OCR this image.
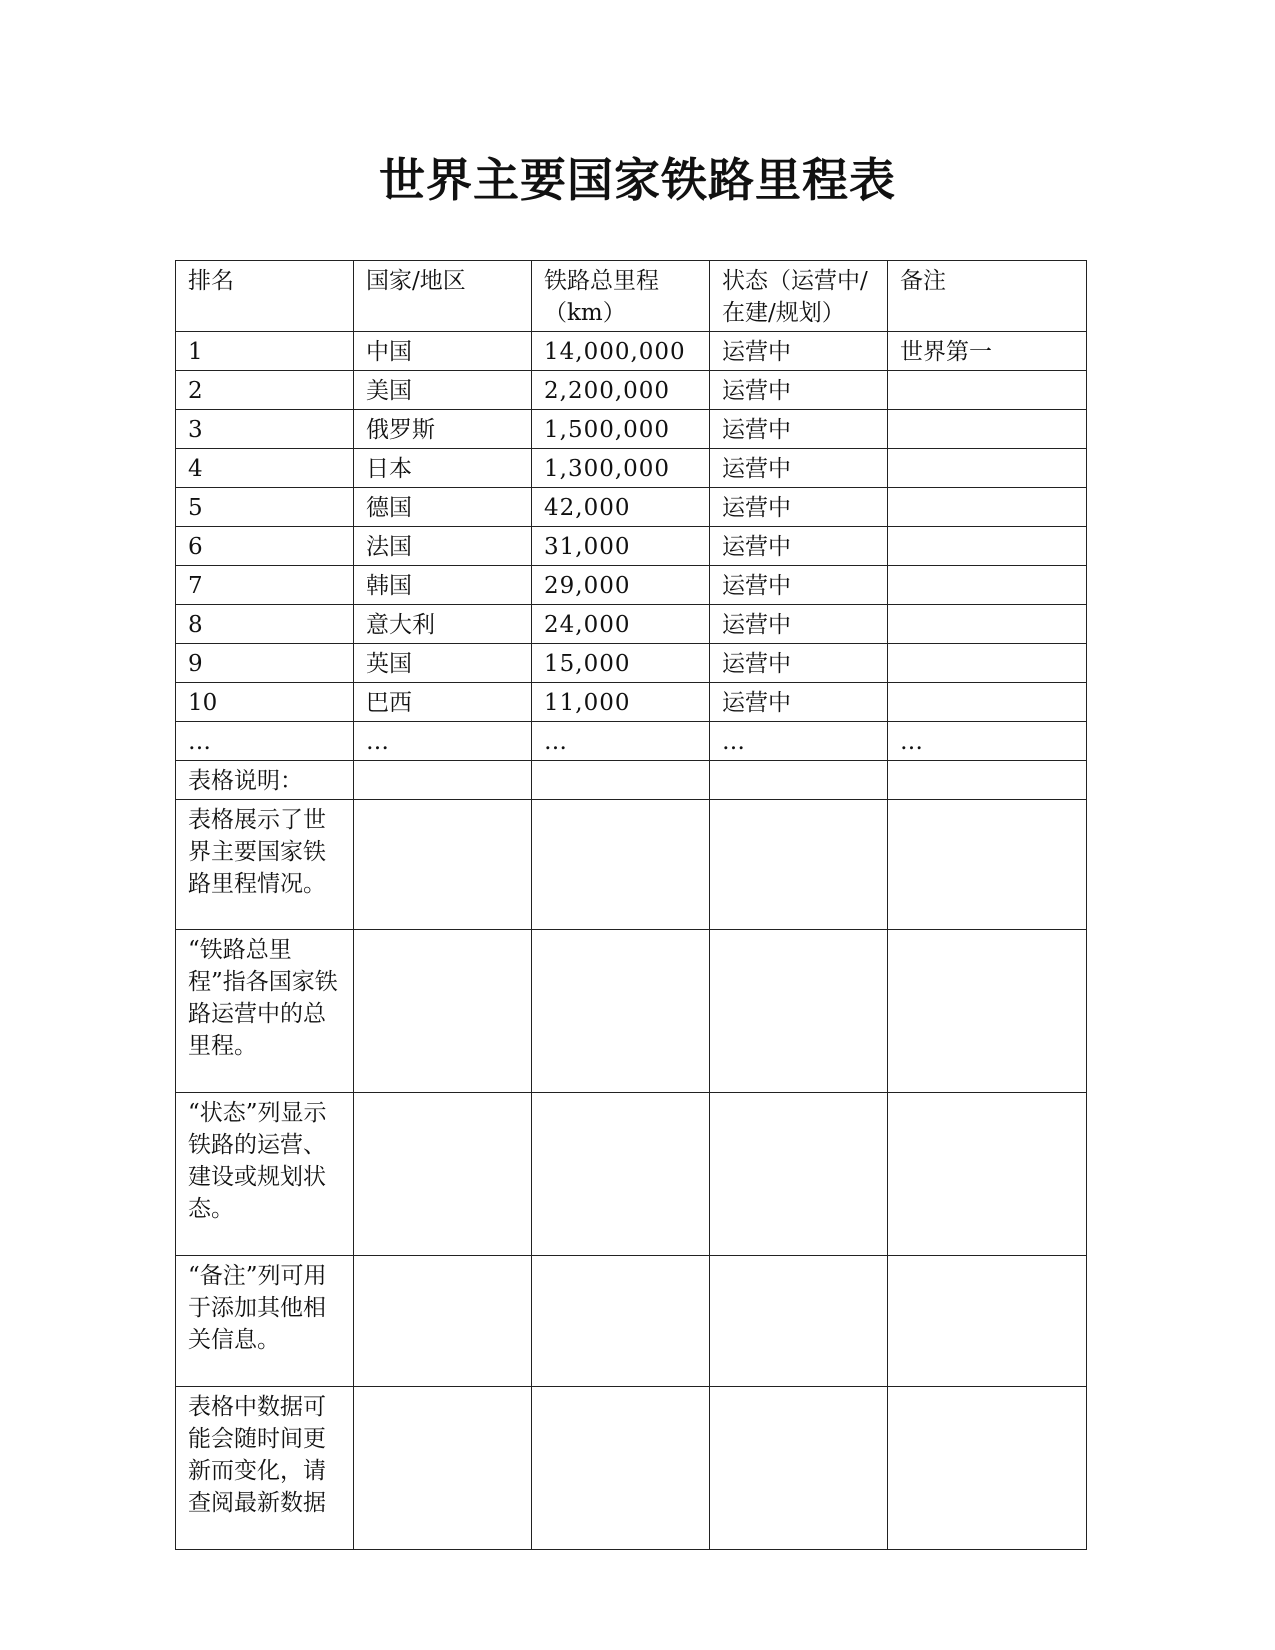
世界主要国家铁路里程表
排名	国家/地区	铁路总里程（km）	状态（运营中/在建/规划）	备注
1	中国	14,000,000	运营中	世界第一
2	美国	2,200,000	运营中	
3	俄罗斯	1,500,000	运营中	
4	日本	1,300,000	运营中	
5	德国	42,000	运营中	
6	法国	31,000	运营中	
7	韩国	29,000	运营中	
8	意大利	24,000	运营中	
9	英国	15,000	运营中	
10	巴西	11,000	运营中	
…	…	…	…	…
表格说明：				
表格展示了世界主要国家铁路里程情况。				
“铁路总里程”指各国家铁路运营中的总里程。				
“状态”列显示铁路的运营、建设或规划状态。				
“备注”列可用于添加其他相关信息。				
表格中数据可能会随时间更新而变化，请查阅最新数据				
